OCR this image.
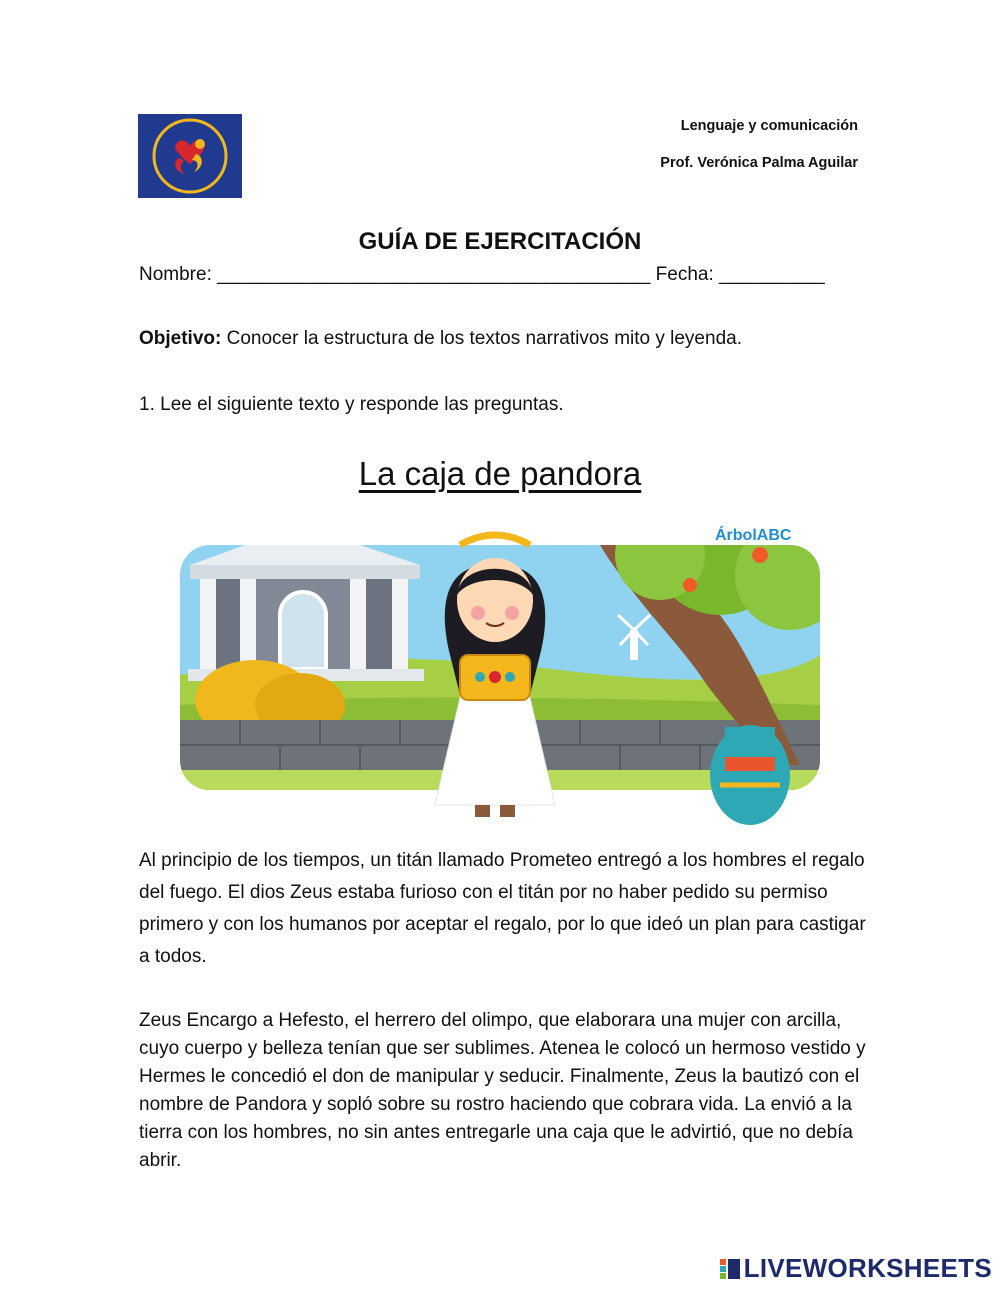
Lenguaje y comunicación
Prof. Verónica Palma Aguilar
GUÍA DE EJERCITACIÓN
Nombre: _________________________________________ Fecha: __________
Objetivo: Conocer la estructura de los textos narrativos mito y leyenda.
1. Lee el siguiente texto y responde las preguntas.
La caja de pandora
ÁrbolABC
Al principio de los tiempos, un titán llamado Prometeo entregó a los hombres el regalo del fuego. El dios Zeus estaba furioso con el titán por no haber pedido su permiso primero y con los humanos por aceptar el regalo, por lo que ideó un plan para castigar a todos.
Zeus Encargo a Hefesto, el herrero del olimpo, que elaborara una mujer con arcilla, cuyo cuerpo y belleza tenían que ser sublimes. Atenea le colocó un hermoso vestido y Hermes le concedió el don de manipular y seducir. Finalmente, Zeus la bautizó con el nombre de Pandora y sopló sobre su rostro haciendo que cobrara vida. La envió a la tierra con los hombres, no sin antes entregarle una caja que le advirtió, que no debía abrir.
LIVEWORKSHEETS
